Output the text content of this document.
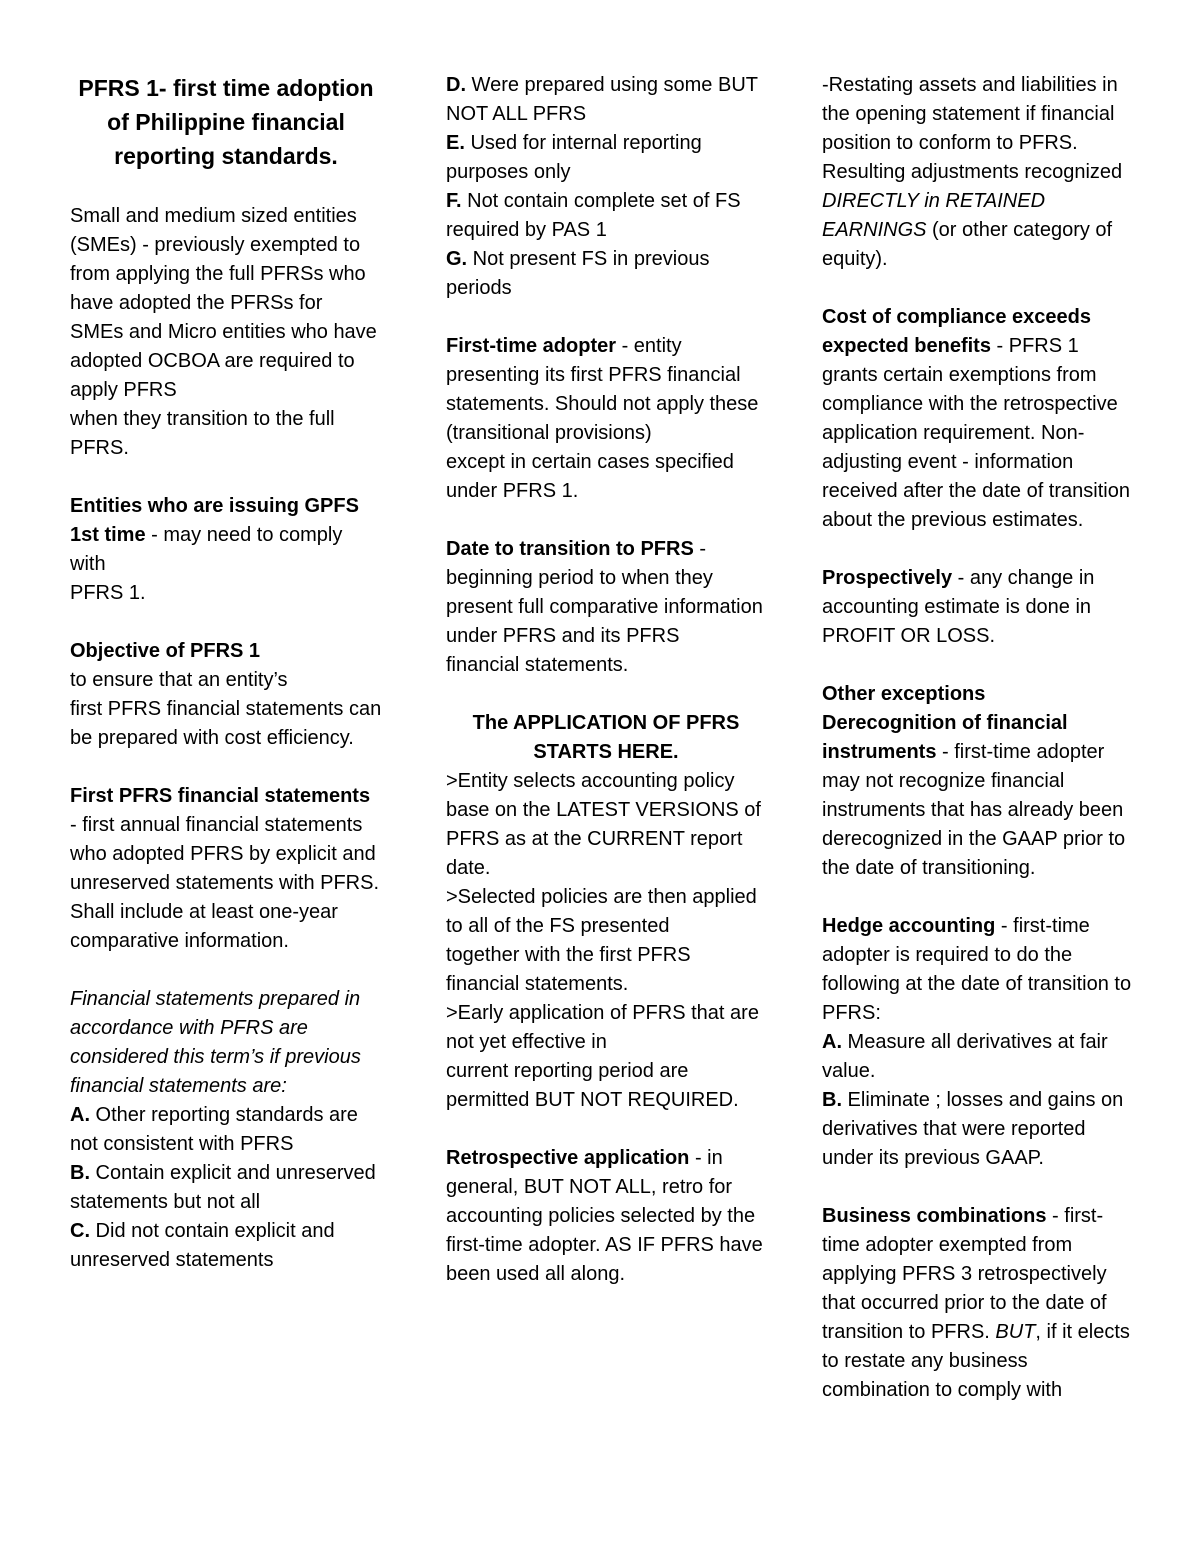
PFRS 1- first time adoption of Philippine financial reporting standards.

Small and medium sized entities (SMEs) - previously exempted to from applying the full PFRSs who have adopted the PFRSs for
SMEs and Micro entities who have adopted OCBOA are required to apply PFRS
when they transition to the full PFRS.

Entities who are issuing GPFS 1st time - may need to comply with
PFRS 1.

Objective of PFRS 1
to ensure that an entity’s
first PFRS financial statements can be prepared with cost efficiency.

First PFRS financial statements
- first annual financial statements
who adopted PFRS by explicit and unreserved statements with PFRS.
Shall include at least one-year comparative information.

Financial statements prepared in accordance with PFRS are considered this term’s if previous financial statements are:
A. Other reporting standards are not consistent with PFRS
B. Contain explicit and unreserved statements but not all
C. Did not contain explicit and unreserved statements

D. Were prepared using some BUT NOT ALL PFRS
E. Used for internal reporting purposes only
F. Not contain complete set of FS required by PAS 1
G. Not present FS in previous periods

First-time adopter - entity presenting its first PFRS financial statements. Should not apply these (transitional provisions)
except in certain cases specified under PFRS 1.

Date to transition to PFRS - beginning period to when they present full comparative information under PFRS and its PFRS
financial statements.

The APPLICATION OF PFRS STARTS HERE.
>Entity selects accounting policy base on the LATEST VERSIONS of PFRS as at the CURRENT report date.
>Selected policies are then applied to all of the FS presented
together with the first PFRS financial statements.
>Early application of PFRS that are not yet effective in
current reporting period are permitted BUT NOT REQUIRED.

Retrospective application - in general, BUT NOT ALL, retro for accounting policies selected by the first-time adopter. AS IF PFRS have been used all along.

-Restating assets and liabilities in the opening statement if financial position to conform to PFRS. Resulting adjustments recognized DIRECTLY in RETAINED EARNINGS (or other category of equity).

Cost of compliance exceeds expected benefits - PFRS 1 grants certain exemptions from compliance with the retrospective application requirement. Non-adjusting event - information received after the date of transition about the previous estimates.

Prospectively - any change in accounting estimate is done in PROFIT OR LOSS.

Other exceptions
Derecognition of financial instruments - first-time adopter may not recognize financial instruments that has already been derecognized in the GAAP prior to the date of transitioning.

Hedge accounting - first-time adopter is required to do the following at the date of transition to PFRS:
A. Measure all derivatives at fair value.
B. Eliminate ; losses and gains on derivatives that were reported under its previous GAAP.

Business combinations - first-time adopter exempted from applying PFRS 3 retrospectively that occurred prior to the date of transition to PFRS. BUT, if it elects to restate any business combination to comply with
